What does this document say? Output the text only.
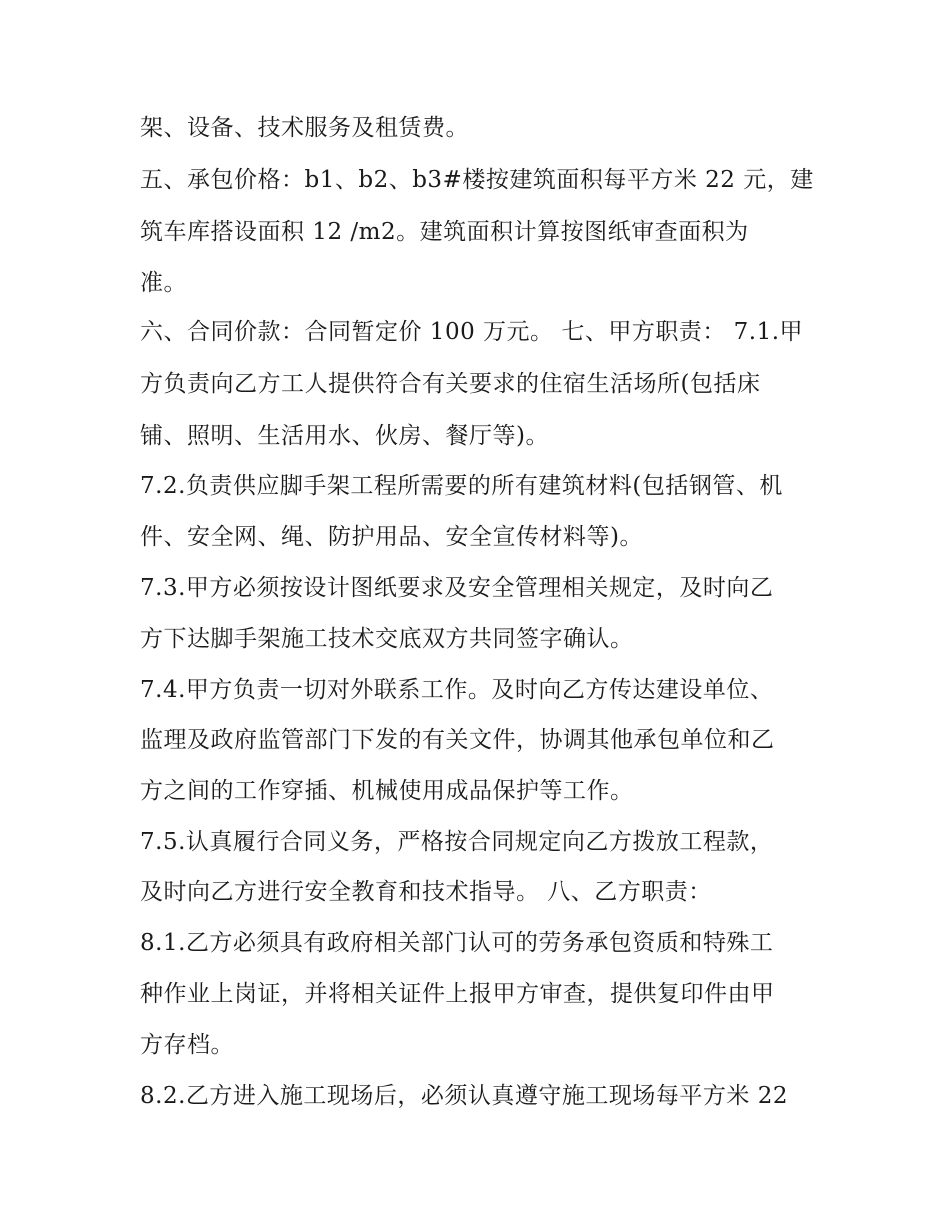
架、设备、技术服务及租赁费。
五、承包价格：b1、b2、b3#楼按建筑面积每平方米 22 元，建
筑车库搭设面积 12 /m2。建筑面积计算按图纸审查面积为
准。
六、合同价款：合同暂定价 100 万元。 七、甲方职责： 7.1.甲
方负责向乙方工人提供符合有关要求的住宿生活场所(包括床
铺、照明、生活用水、伙房、餐厅等)。
7.2.负责供应脚手架工程所需要的所有建筑材料(包括钢管、机
件、安全网、绳、防护用品、安全宣传材料等)。
7.3.甲方必须按设计图纸要求及安全管理相关规定，及时向乙
方下达脚手架施工技术交底双方共同签字确认。
7.4.甲方负责一切对外联系工作。及时向乙方传达建设单位、
监理及政府监管部门下发的有关文件，协调其他承包单位和乙
方之间的工作穿插、机械使用成品保护等工作。
7.5.认真履行合同义务，严格按合同规定向乙方拨放工程款，
及时向乙方进行安全教育和技术指导。 八、乙方职责：
8.1.乙方必须具有政府相关部门认可的劳务承包资质和特殊工
种作业上岗证，并将相关证件上报甲方审查，提供复印件由甲
方存档。
8.2.乙方进入施工现场后，必须认真遵守施工现场每平方米 22
